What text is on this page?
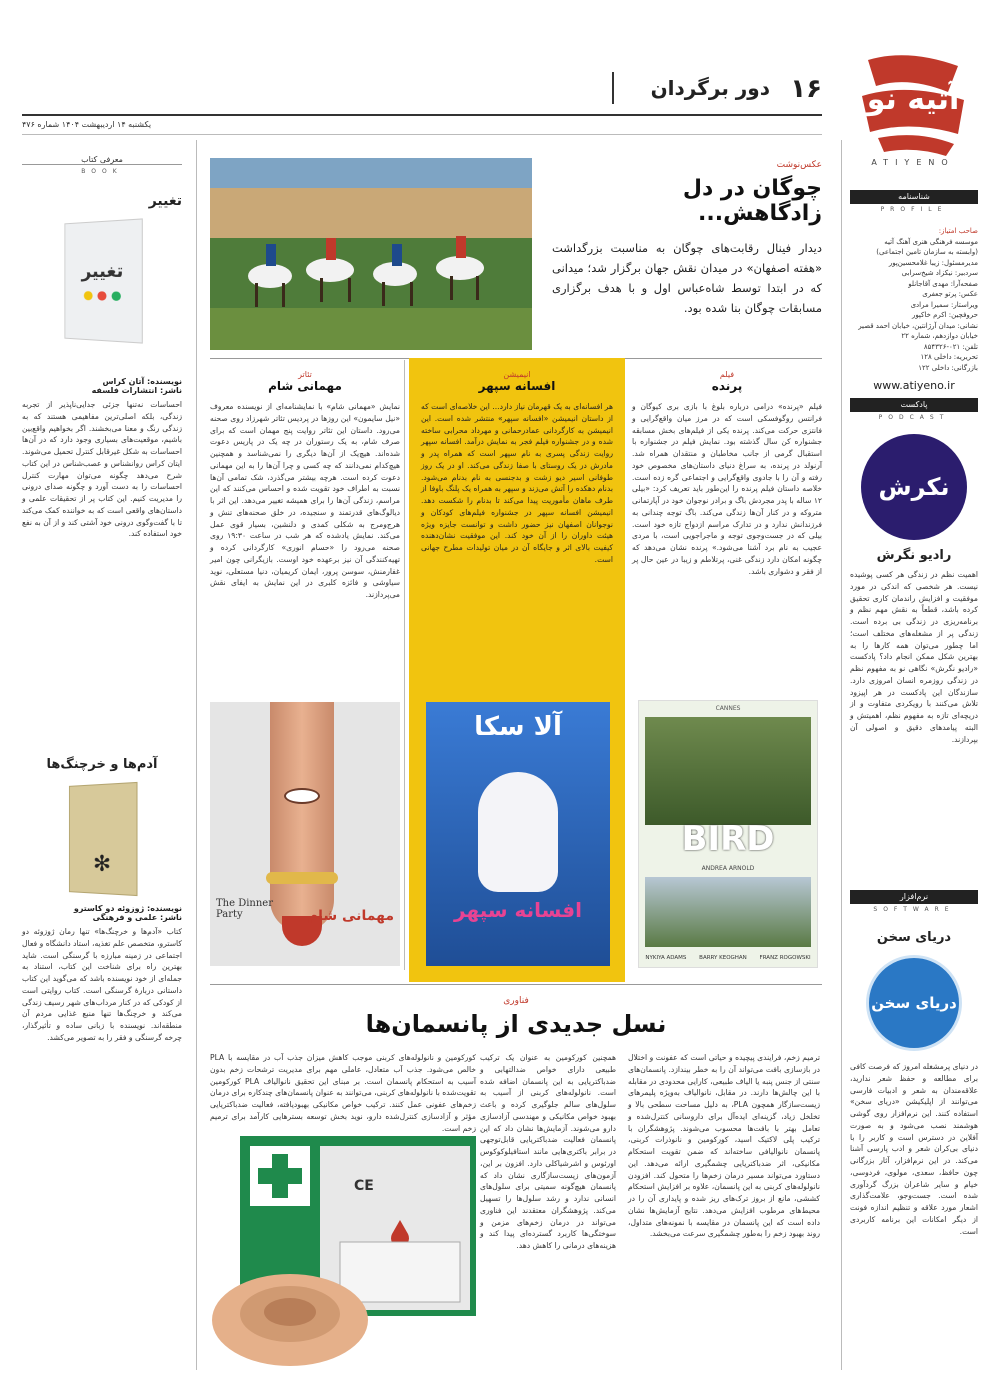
آتیه نو
ATIYENO
۱۶
دور برگردان
یکشنبه ۱۴ اردیبهشت ۱۴۰۴ شماره ۴۷۶
شناسنامه
PROFILE
صاحب امتیاز:
موسسه فرهنگی هنری آهنگ آتیه
(وابسته به سازمان تامین اجتماعی)
مدیرمسئول: زیبا غلامحسین‌پور
سردبیر: نیکزاد شیخ‌سرابی
صفحه‌آرا: مهدی آقاجانلو
عکس: پرتو جعفری
ویراستار: سمیرا مرادی
حروفچین: اکرم خاکپور
نشانی: میدان آرژانتین، خیابان احمد قصیر
خیابان دوازدهم، شماره ۲۲
تلفن: ۰۲۱-۸۵۴۳۲۶
تحریریه: داخلی ۱۲۸
بازرگانی: داخلی ۱۲۲
www.atiyeno.ir
پادکست
PODCAST
نکرش
رادیو نگرش
اهمیت نظم در زندگی هر کسی پوشیده نیست. هر شخصی که اندکی در مورد موفقیت و افزایش راندمان کاری تحقیق کرده باشد، قطعاً به نقش مهم نظم و برنامه‌ریزی در زندگی بی برده است. زندگی پر از مشغله‌های مختلف است؛ اما چطور می‌توان همه کارها را به بهترین شکل ممکن انجام داد؟ پادکست «رادیو نگرش» نگاهی نو به مفهوم نظم در زندگی روزمره انسان امروزی دارد. سازندگان این پادکست در هر اپیزود تلاش می‌کنند با رویکردی متفاوت و از دریچه‌ای تازه به مفهوم نظم، اهمیتش و البته پیامدهای دقیق و اصولی آن بپردازند.
نرم‌افزار
SOFTWARE
دریای سخن
دریای سخن
در دنیای پرمشغله امروز که فرصت کافی برای مطالعه و حفظ شعر ندارید، علاقه‌مندان به شعر و ادبیات فارسی می‌توانند از اپلیکیشن «دریای سخن» استفاده کنند. این نرم‌افزار روی گوشی هوشمند نصب می‌شود و به صورت آفلاین در دسترس است و کاربر را با دنیای بی‌کران شعر و ادب پارسی آشنا می‌کند. در این نرم‌افزار، آثار بزرگانی چون حافظ، سعدی، مولوی، فردوسی، خیام و سایر شاعران بزرگ گردآوری شده است. جست‌وجو، علامت‌گذاری اشعار مورد علاقه و تنظیم اندازه فونت از دیگر امکانات این برنامه کاربردی است.
معرفی کتاب
BOOK
تغییر
تغییر
● ● ●
نویسنده: آتان کراس
ناشر: انتشارات فلسفه
احساسات نه‌تنها جزئی جدایی‌ناپذیر از تجربه زندگی، بلکه اصلی‌ترین مفاهیمی هستند که به زندگی رنگ و معنا می‌بخشند. اگر بخواهیم واقع‌بین باشیم، موقعیت‌های بسیاری وجود دارد که در آن‌ها احساسات به شکل غیرقابل کنترل تحمیل می‌شوند. ایتان کراس روانشناس و عصب‌شناس در این کتاب شرح می‌دهد چگونه می‌توان مهارت کنترل احساسات را به دست آورد و چگونه صدای درونی را مدیریت کنیم. این کتاب پر از تحقیقات علمی و داستان‌های واقعی است که به خواننده کمک می‌کند تا با گفت‌وگوی درونی خود آشتی کند و از آن به نفع خود استفاده کند.
آدم‌ها و خرچنگ‌ها
✻
نویسنده: ژوزوئه دو کاسترو
ناشر: علمی و فرهنگی
کتاب «آدم‌ها و خرچنگ‌ها» تنها رمان ژوزوئه دو کاسترو، متخصص علم تغذیه، استاد دانشگاه و فعال اجتماعی در زمینه مبارزه با گرسنگی است. شاید بهترین راه برای شناخت این کتاب، استناد به جمله‌ای از خود نویسنده باشد که می‌گوید این کتاب داستانی دربارهٔ گرسنگی است. کتاب روایتی است از کودکی که در کنار مرداب‌های شهر رسیف زندگی می‌کند و خرچنگ‌ها تنها منبع غذایی مردم آن منطقه‌اند. نویسنده با زبانی ساده و تأثیرگذار، چرخه گرسنگی و فقر را به تصویر می‌کشد.
عکس‌نوشت
چوگان در دل
زادگاهش...
دیدار فینال رقابت‌های چوگان به مناسبت بزرگداشت «هفته اصفهان» در میدان نقش جهان برگزار شد؛ میدانی که در ابتدا توسط شاه‌عباس اول و با هدف برگزاری مسابقات چوگان بنا شده بود.
فیلم
پرنده
فیلم «پرنده» درامی درباره بلوغ با بازی بری کیوگان و فرانتس روگوفسکی است که در مرز میان واقع‌گرایی و فانتزی حرکت می‌کند. پرنده یکی از فیلم‌های بخش مسابقه جشنواره کن سال گذشته بود. نمایش فیلم در جشنواره با استقبال گرمی از جانب مخاطبان و منتقدان همراه شد. آرنولد در پرنده، به سراغ دنیای داستان‌های مخصوص خود رفته و آن را با جادوی واقع‌گرایی و اجتماعی گره زده است. خلاصه داستان فیلم پرنده را این‌طور باید تعریف کرد: «بیلی ۱۲ ساله با پدر مجردش باگ و برادر نوجوان خود در آپارتمانی متروکه و در کنار آن‌ها زندگی می‌کند. باگ توجه چندانی به فرزندانش ندارد و در تدارک مراسم ازدواج تازه خود است. بیلی که در جست‌وجوی توجه و ماجراجویی است، با مردی عجیب به نام برد آشنا می‌شود.» پرنده نشان می‌دهد که چگونه امکان دارد زندگی غنی، پرتلاطم و زیبا در عین حال پر از فقر و دشواری باشد.
انیمیشن
افسانه سپهر
هر افسانه‌ای به یک قهرمان نیاز دارد... این خلاصه‌ای است که از داستان انیمیشن «افسانه سپهر» منتشر شده است. این انیمیشن به کارگردانی عمادرحمانی و مهرداد محرابی ساخته شده و در جشنواره فیلم فجر به نمایش درآمد. افسانه سپهر روایت زندگی پسری به نام سپهر است که همراه پدر و مادرش در یک روستای با صفا زندگی می‌کند. او در یک روز طوفانی اسیر دیو زشت و بدجنسی به نام بدنام می‌شود. بدنام دهکده را آتش می‌زند و سپهر به همراه یک پلنگ باوفا از طرف ماهان مأموریت پیدا می‌کند تا بدنام را شکست دهد. انیمیشن افسانه سپهر در جشنواره فیلم‌های کودکان و نوجوانان اصفهان نیز حضور داشت و توانست جایزه ویژه هیئت داوران را از آن خود کند. این موفقیت نشان‌دهنده کیفیت بالای اثر و جایگاه آن در میان تولیدات مطرح جهانی است.
تئاتر
مهمانی شام
نمایش «مهمانی شام» با نمایشنامه‌ای از نویسنده معروف «نیل سایمون» این روزها در پردیس تئاتر شهرزاد روی صحنه می‌رود. داستان این تئاتر روایت پنج مهمان است که برای صرف شام، به یک رستوران در چه یک در پاریس دعوت شده‌اند. هیچ‌یک از آن‌ها دیگری را نمی‌شناسد و همچنین هیچ‌کدام نمی‌دانند که چه کسی و چرا آن‌ها را به این مهمانی دعوت کرده است. هرچه بیشتر می‌گذرد، شک تمامی آن‌ها نسبت به اطراف خود تقویت شده و احساس می‌کنند که این مراسم، زندگی آن‌ها را برای همیشه تغییر می‌دهد. این اثر با دیالوگ‌های قدرتمند و سنجیده، در خلق صحنه‌های تنش و هرج‌ومرج به شکلی کمدی و دلنشین، بسیار قوی عمل می‌کند. نمایش یادشده که هر شب در ساعت ۱۹:۳۰ روی صحنه می‌رود را «حسام انوری» کارگردانی کرده و تهیه‌کنندگی آن نیز برعهده خود اوست. بازیگرانی چون امیر غفارمنش، سوسن پرور، ایمان کریمیان، دنیا مستعلی، نوید سیاوشی و فائزه کلبری در این نمایش به ایفای نقش می‌پردازند.
CANNES
BIRD
ANDREA ARNOLD
NYKIYA ADAMS BARRY KEOGHAN FRANZ ROGOWSKI
آلا سکا
افسانه سپهر
The Dinner Party	مهمانی شام
فناوری
نسل جدیدی از پانسمان‌ها
ترمیم زخم، فرایندی پیچیده و حیاتی است که عفونت و اختلال در بازسازی بافت می‌تواند آن را به خطر بیندازد. پانسمان‌های سنتی از جنس پنبه یا الیاف طبیعی، کارایی محدودی در مقابله با این چالش‌ها دارند. در مقابل، نانوالیاف به‌ویژه پلیمرهای زیست‌سازگار همچون PLA، به دلیل مساحت سطحی بالا و تخلخل زیاد، گزینه‌ای ایده‌آل برای داروسانی کنترل‌شده و تعامل بهتر با بافت‌ها محسوب می‌شوند. پژوهشگران با ترکیب پلی لاکتیک اسید، کورکومین و نانوذرات کربنی، پانسمان نانوالیافی ساخته‌اند که ضمن تقویت استحکام مکانیکی، اثر ضدباکتریایی چشمگیری ارائه می‌دهد. این دستاورد می‌تواند مسیر درمان زخم‌ها را متحول کند. افزودن نانولوله‌های کربنی به این پانسمان، علاوه بر افزایش استحکام کششی، مانع از بروز ترک‌های ریز شده و پایداری آن را در محیط‌های مرطوب افزایش می‌دهد. نتایج آزمایش‌ها نشان داده است که این پانسمان در مقایسه با نمونه‌های متداول، روند بهبود زخم را به‌طور چشمگیری سرعت می‌بخشد.
همچنین کورکومین به عنوان یک ترکیب طبیعی دارای خواص ضدالتهابی و ضدباکتریایی به این پانسمان اضافه شده است. نانولوله‌های کربنی از آسیب به سلول‌های سالم جلوگیری کرده و باعث بهبود خواص مکانیکی و مهندسی آزادسازی دارو می‌شوند. آزمایش‌ها نشان داد که این پانسمان فعالیت ضدباکتریایی قابل‌توجهی در برابر باکتری‌هایی مانند استافیلوکوکوس اورئوس و اشرشیاکلی دارد. افزون بر این، آزمون‌های زیست‌سازگاری نشان داد که پانسمان هیچ‌گونه سمیتی برای سلول‌های انسانی ندارد و رشد سلول‌ها را تسهیل می‌کند. پژوهشگران معتقدند این فناوری می‌تواند در درمان زخم‌های مزمن و سوختگی‌ها کاربرد گسترده‌ای پیدا کند و هزینه‌های درمانی را کاهش دهد.
کورکومین و نانولوله‌های کربنی موجب کاهش میزان جذب آب در مقایسه با PLA خالص می‌شود. جذب آب متعادل، عاملی مهم برای مدیریت ترشحات زخم بدون آسیب به استحکام پانسمان است. بر مبنای این تحقیق نانوالیاف PLA کورکومین تقویت‌شده با نانولوله‌های کربنی، می‌توانند به عنوان پانسمان‌های چندکاره برای درمان زخم‌های عفونی عمل کنند. ترکیب خواص مکانیکی بهبودیافته، فعالیت ضدباکتریایی مؤثر و آزادسازی کنترل‌شده دارو، نوید بخش توسعه بسترهایی کارآمد برای ترمیم زخم است.
CE
